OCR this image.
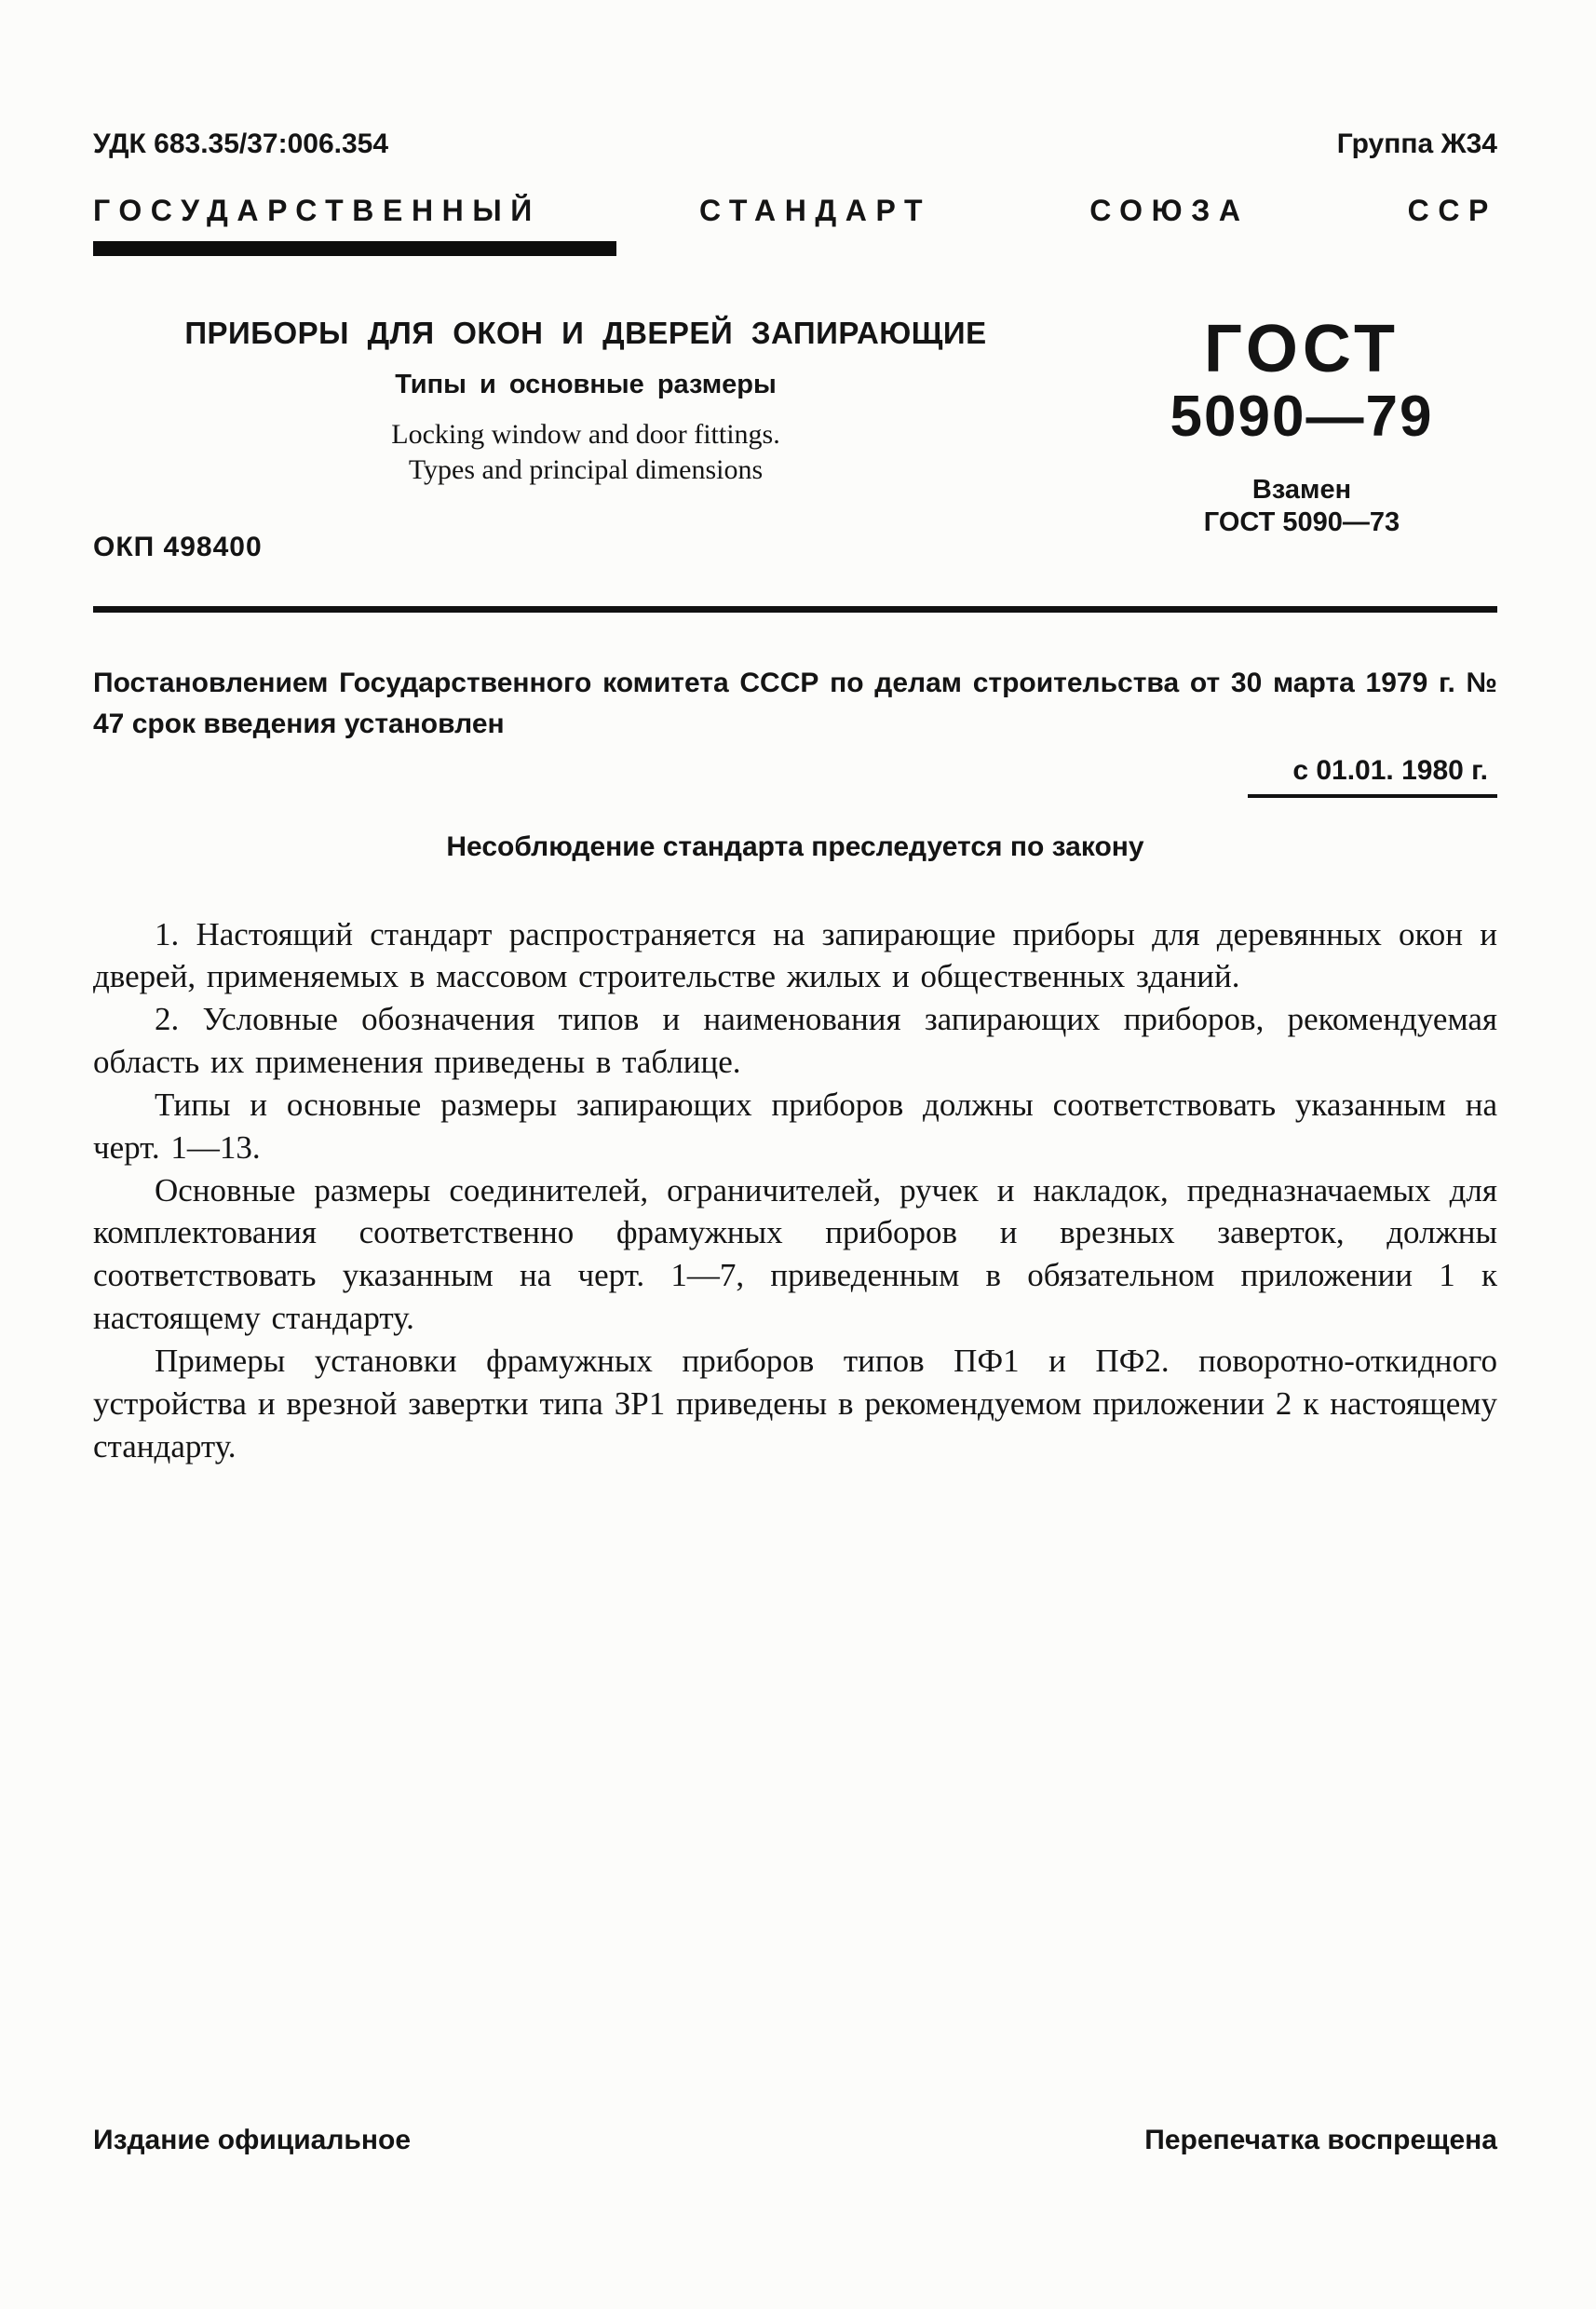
УДК 683.35/37:006.354	Группа Ж34
ГОСУДАРСТВЕННЫЙ СТАНДАРТ СОЮЗА ССР
ПРИБОРЫ ДЛЯ ОКОН И ДВЕРЕЙ ЗАПИРАЮЩИЕ
Типы и основные размеры
Locking window and door fittings.
Types and principal dimensions
ОКП 498400
ГОСТ
5090—79
Взамен
ГОСТ 5090—73
Постановлением Государственного комитета СССР по делам строительства от 30 марта 1979 г. № 47 срок введения установлен
с 01.01. 1980 г.
Несоблюдение стандарта преследуется по закону

1. Настоящий стандарт распространяется на запирающие приборы для деревянных окон и дверей, применяемых в массовом строительстве жилых и общественных зданий.

2. Условные обозначения типов и наименования запирающих приборов, рекомендуемая область их применения приведены в таблице.

Типы и основные размеры запирающих приборов должны соответствовать указанным на черт. 1—13.

Основные размеры соединителей, ограничителей, ручек и накладок, предназначаемых для комплектования соответственно фрамужных приборов и врезных заверток, должны соответствовать указанным на черт. 1—7, приведенным в обязательном приложении 1 к настоящему стандарту.

Примеры установки фрамужных приборов типов ПФ1 и ПФ2. поворотно-откидного устройства и врезной завертки типа ЗР1 приведены в рекомендуемом приложении 2 к настоящему стандарту.

Издание официальное	Перепечатка воспрещена
